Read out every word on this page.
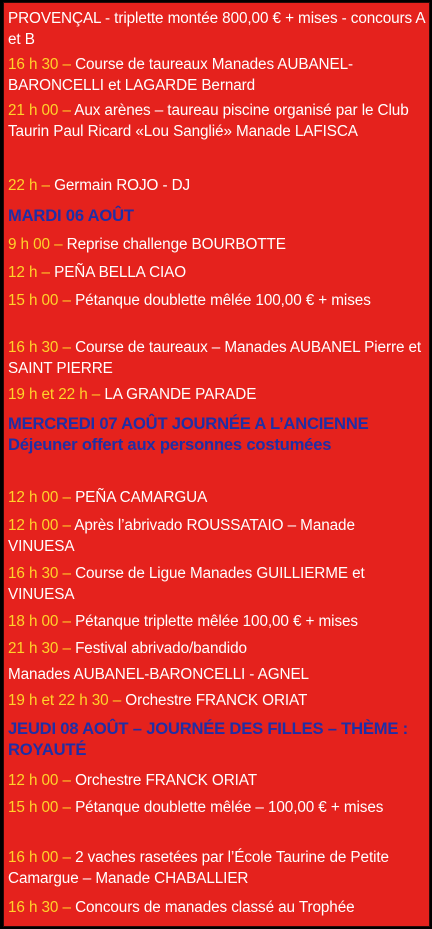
PROVENÇAL - triplette montée 800,00 € + mises - concours A et B
16 h 30 – Course de taureaux Manades AUBANEL-BARONCELLI et LAGARDE Bernard
21 h 00 – Aux arènes – taureau piscine organisé par le Club Taurin Paul Ricard «Lou Sanglié» Manade LAFISCA
22 h – Germain ROJO - DJ
MARDI 06 AOÛT
9 h 00 – Reprise challenge BOURBOTTE
12 h – PEÑA BELLA CIAO
15 h 00 – Pétanque doublette mêlée 100,00 € + mises
16 h 30 – Course de taureaux – Manades AUBANEL Pierre et SAINT PIERRE
19 h et 22 h – LA GRANDE PARADE
MERCREDI 07 AOÛT JOURNÉE A L’ANCIENNE Déjeuner offert aux personnes costumées
12 h 00 – PEÑA CAMARGUA
12 h 00 – Après l’abrivado ROUSSATAIO – Manade VINUESA
16 h 30 – Course de Ligue Manades GUILLIERME et VINUESA
18 h 00 – Pétanque triplette mêlée 100,00 € + mises
21 h 30 – Festival abrivado/bandido
Manades AUBANEL-BARONCELLI - AGNEL
19 h et 22 h 30 – Orchestre FRANCK ORIAT
JEUDI 08 AOÛT – JOURNÉE DES FILLES – THÈME : ROYAUTÉ
12 h 00 – Orchestre FRANCK ORIAT
15 h 00 – Pétanque doublette mêlée – 100,00 € + mises
16 h 00 – 2 vaches rasetées par l’École Taurine de Petite Camargue – Manade CHABALLIER
16 h 30 – Concours de manades classé au Trophée
